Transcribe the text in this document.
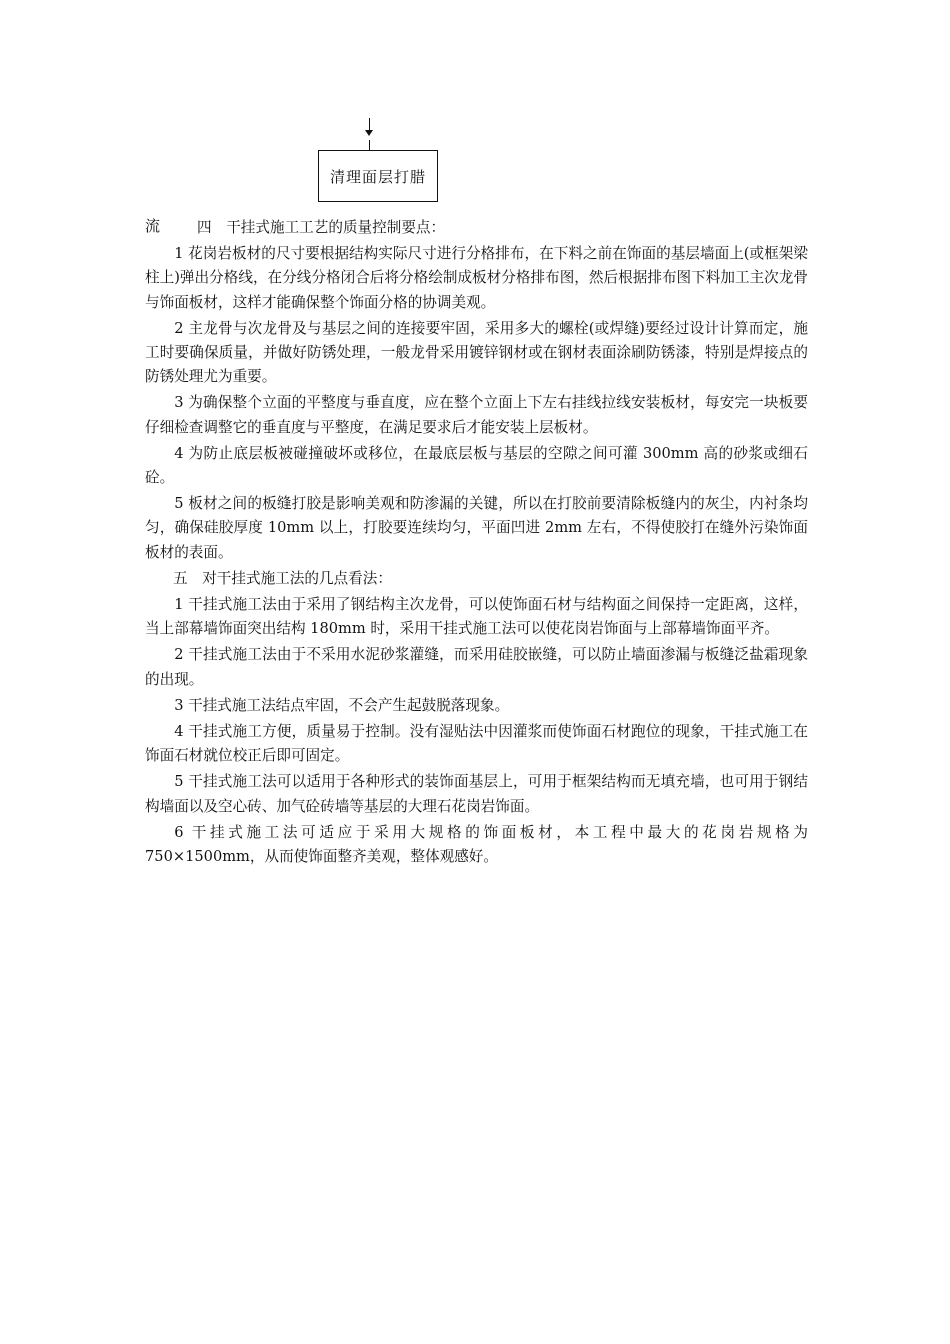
清理面层打腊
流	四　干挂式施工工艺的质量控制要点：

1 花岗岩板材的尺寸要根据结构实际尺寸进行分格排布，在下料之前在饰面的基层墙面上(或框架梁柱上)弹出分格线，在分线分格闭合后将分格绘制成板材分格排布图，然后根据排布图下料加工主次龙骨与饰面板材，这样才能确保整个饰面分格的协调美观。

2 主龙骨与次龙骨及与基层之间的连接要牢固，采用多大的螺栓(或焊缝)要经过设计计算而定，施工时要确保质量，并做好防锈处理，一般龙骨采用镀锌钢材或在钢材表面涂刷防锈漆，特别是焊接点的防锈处理尤为重要。

3 为确保整个立面的平整度与垂直度，应在整个立面上下左右挂线拉线安装板材，每安完一块板要仔细检查调整它的垂直度与平整度，在满足要求后才能安装上层板材。

4 为防止底层板被碰撞破坏或移位，在最底层板与基层的空隙之间可灌 300mm 高的砂浆或细石砼。

5 板材之间的板缝打胶是影响美观和防渗漏的关键，所以在打胶前要清除板缝内的灰尘，内衬条均匀，确保硅胶厚度 10mm 以上，打胶要连续均匀，平面凹进 2mm 左右，不得使胶打在缝外污染饰面板材的表面。

五　对干挂式施工法的几点看法：

1 干挂式施工法由于采用了钢结构主次龙骨，可以使饰面石材与结构面之间保持一定距离，这样，当上部幕墙饰面突出结构 180mm 时，采用干挂式施工法可以使花岗岩饰面与上部幕墙饰面平齐。

2 干挂式施工法由于不采用水泥砂浆灌缝，而采用硅胶嵌缝，可以防止墙面渗漏与板缝泛盐霜现象的出现。

3 干挂式施工法结点牢固，不会产生起鼓脱落现象。

4 干挂式施工方便，质量易于控制。没有湿贴法中因灌浆而使饰面石材跑位的现象，干挂式施工在饰面石材就位校正后即可固定。

5 干挂式施工法可以适用于各种形式的装饰面基层上，可用于框架结构而无填充墙，也可用于钢结构墙面以及空心砖、加气砼砖墙等基层的大理石花岗岩饰面。

6 干挂式施工法可适应于采用大规格的饰面板材，本工程中最大的花岗岩规格为 750×1500mm，从而使饰面整齐美观，整体观感好。
